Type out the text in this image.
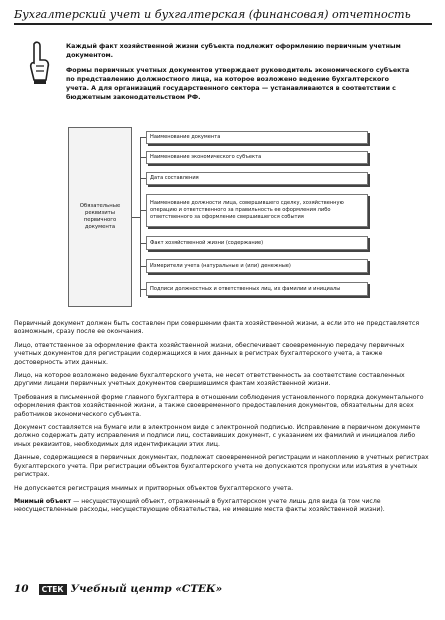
Бухгалтерский учет и бухгалтерская (финансовая) отчетность

Каждый факт хозяйственной жизни субъекта подлежит оформлению первичным учетным документом.

Формы первичных учетных документов утверждает руководитель экономического субъекта по представлению должностного лица, на которое возложено ведение бухгалтерского учета. А для организаций государственного сектора — устанавливаются в соответствии с бюджетным законодательством РФ.

Обязательные реквизиты первичного документа
Наименование документа
Наименование экономического субъекта
Дата составления
Наименование должности лица, совершившего сделку, хозяйственную операцию и ответственного за правильность ее оформления либо ответственного за оформление свершившегося события
Факт хозяйственной жизни (содержание)
Измерители учета (натуральные и (или) денежные)
Подписи должностных и ответственных лиц, их фамилии и инициалы

Первичный документ должен быть составлен при совершении факта хозяйственной жизни, а если это не представляется возможным, сразу после ее окончания.

Лицо, ответственное за оформление факта хозяйственной жизни, обеспечивает своевременную передачу первичных учетных документов для регистрации содержащихся в них данных в регистрах бухгалтерского учета, а также достоверность этих данных.

Лицо, на которое возложено ведение бухгалтерского учета, не несет ответственность за соответствие составленных другими лицами первичных учетных документов свершившимся фактам хозяйственной жизни.

Требования в письменной форме главного бухгалтера в отношении соблюдения установленного порядка документального оформления фактов хозяйственной жизни, а также своевременного предоставления документов, обязательны для всех работников экономического субъекта.

Документ составляется на бумаге или в электронном виде с электронной подписью. Исправление в первичном документе должно содержать дату исправления и подписи лиц, составивших документ, с указанием их фамилий и инициалов либо иных реквизитов, необходимых для идентификации этих лиц.

Данные, содержащиеся в первичных документах, подлежат своевременной регистрации и накоплению в учетных регистрах бухгалтерского учета. При регистрации объектов бухгалтерского учета не допускаются пропуски или изъятия в учетных регистрах.

Не допускается регистрация мнимых и притворных объектов бухгалтерского учета.

Мнимый объект — несуществующий объект, отраженный в бухгалтерском учете лишь для вида (в том числе неосуществленные расходы, несуществующие обязательства, не имевшие места факты хозяйственной жизни).

10	СТЕК Учебный центр «СТЕК»
